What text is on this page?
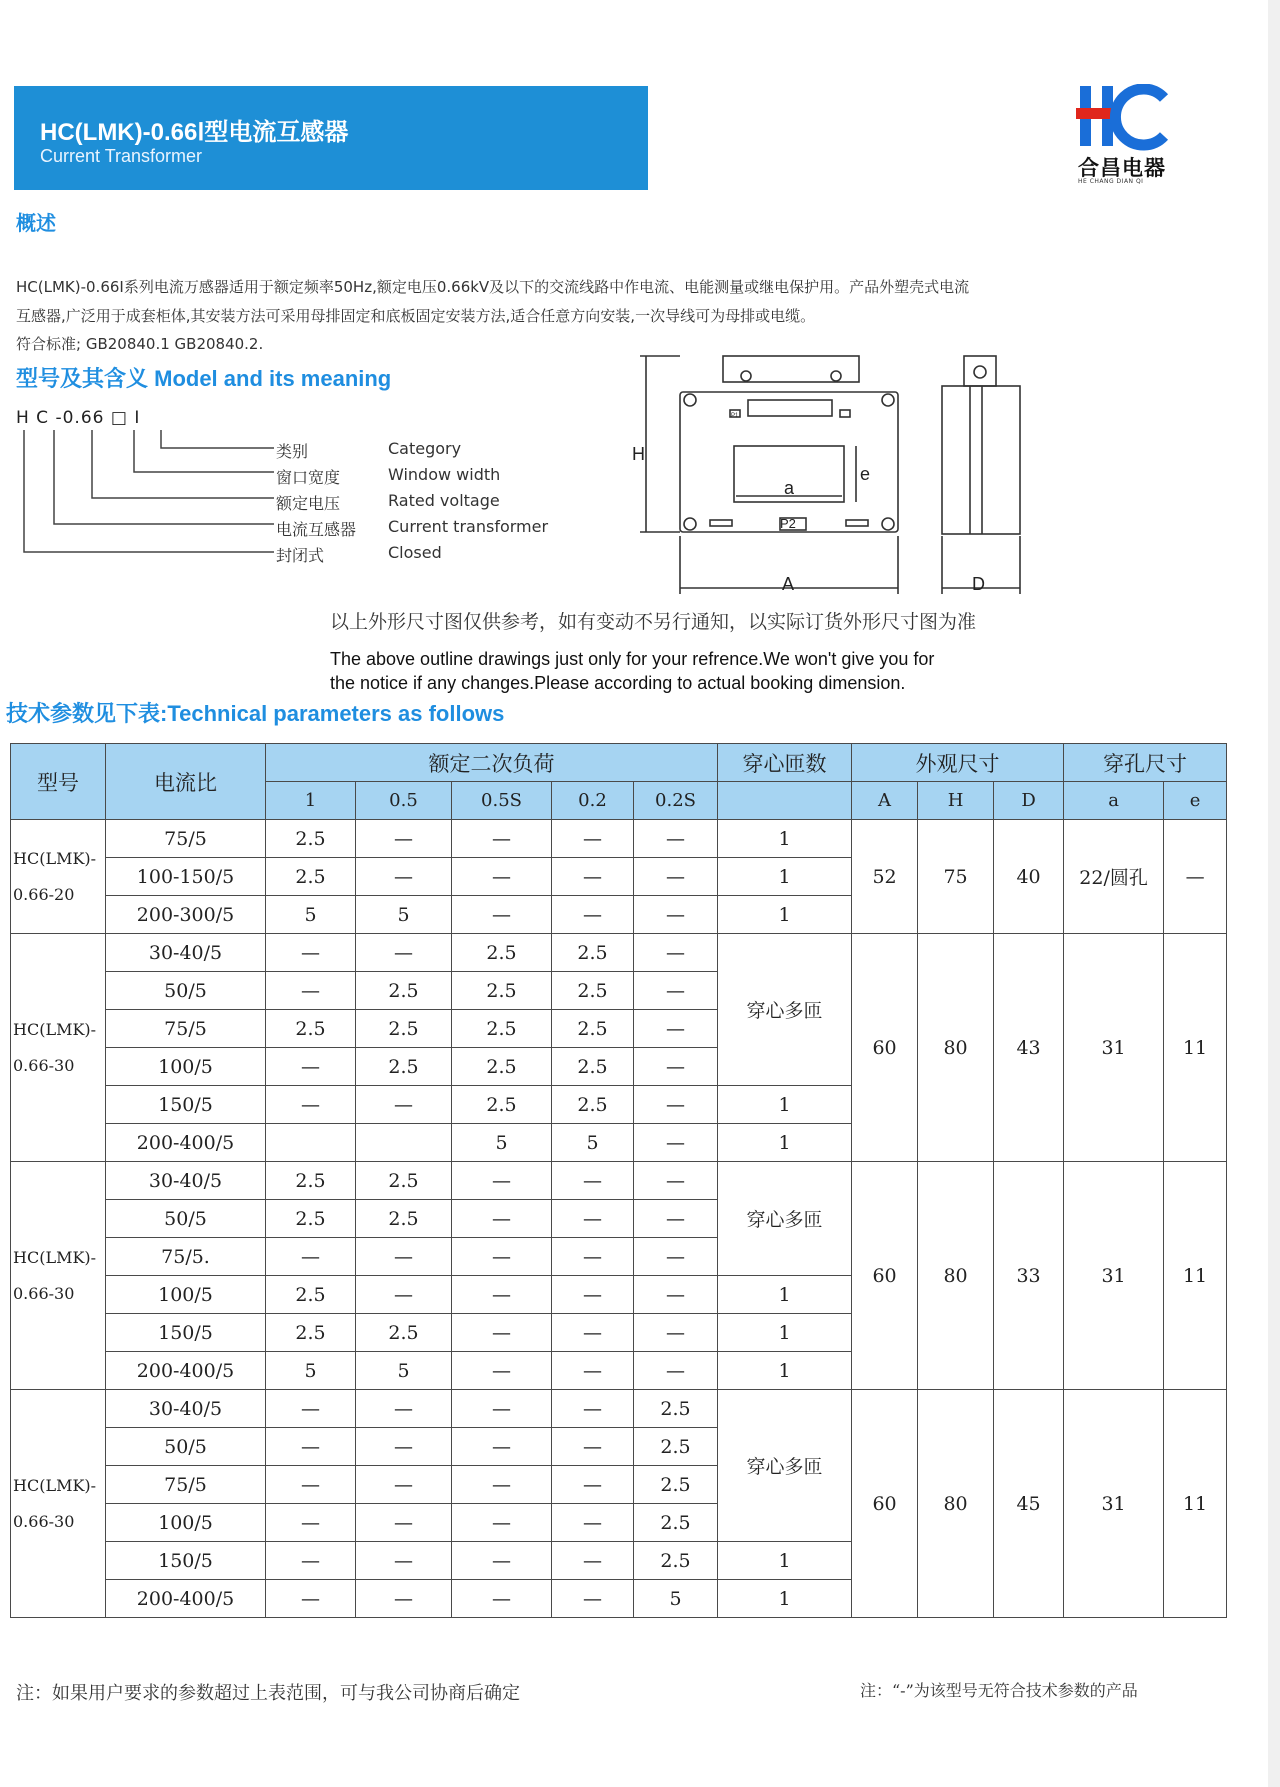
HC(LMK)-0.66Ⅰ型电流互感器
Current Transformer	合昌电器
HE CHANG DIAN QI
概述
HC(LMK)-0.66Ⅰ系列电流万感器适用于额定频率50Hz,额定电压0.66kV及以下的交流线路中作电流、电能测量或继电保护用。产品外塑壳式电流
互感器,广泛用于成套柜体,其安装方法可采用母排固定和底板固定安装方法,适合任意方向安装,一次导线可为母排或电缆。
符合标准; GB20840.1 GB20840.2.
型号及其含义 Model and its meaning
H C -0.66 □ Ⅰ
类别
窗口宽度
额定电压
电流互感器
封闭式
Category
Window width
Rated voltage
Current transformer
Closed
H
A	D
a
e
P2
P1
以上外形尺寸图仅供参考，如有变动不另行通知，以实际订货外形尺寸图为准
The above outline drawings just only for your refrence.We won't give you for
the notice if any changes.Please according to actual booking dimension.
技术参数见下表:Technical parameters as follows
型号	电流比	额定二次负荷					穿心匝数	外观尺寸			穿孔尺寸	
		1	0.5	0.5S	0.2	0.2S		A	H	D	a	e
HC(LMK)-
0.66-20	75/5	2.5	—	—	—	—	1	52	75	40	22/圆孔	—
	100-150/5	2.5	—	—	—	—	1					
	200-300/5	5	5	—	—	—	1					
HC(LMK)-
0.66-30	30-40/5	—	—	2.5	2.5	—	穿心多匝	60	80	43	31	11
	50/5	—	2.5	2.5	2.5	—						
	75/5	2.5	2.5	2.5	2.5	—						
	100/5	—	2.5	2.5	2.5	—						
	150/5	—	—	2.5	2.5	—	1					
	200-400/5			5	5	—	1					
HC(LMK)-
0.66-30	30-40/5	2.5	2.5	—	—	—	穿心多匝	60	80	33	31	11
	50/5	2.5	2.5	—	—	—						
	75/5.	—	—	—	—	—						
	100/5	2.5	—	—	—	—	1					
	150/5	2.5	2.5	—	—	—	1					
	200-400/5	5	5	—	—	—	1					
HC(LMK)-
0.66-30	30-40/5	—	—	—	—	2.5	穿心多匝	60	80	45	31	11
	50/5	—	—	—	—	2.5						
	75/5	—	—	—	—	2.5						
	100/5	—	—	—	—	2.5						
	150/5	—	—	—	—	2.5	1					
	200-400/5	—	—	—	—	5	1					
注：如果用户要求的参数超过上表范围，可与我公司协商后确定	注：“-”为该型号无符合技术参数的产品
